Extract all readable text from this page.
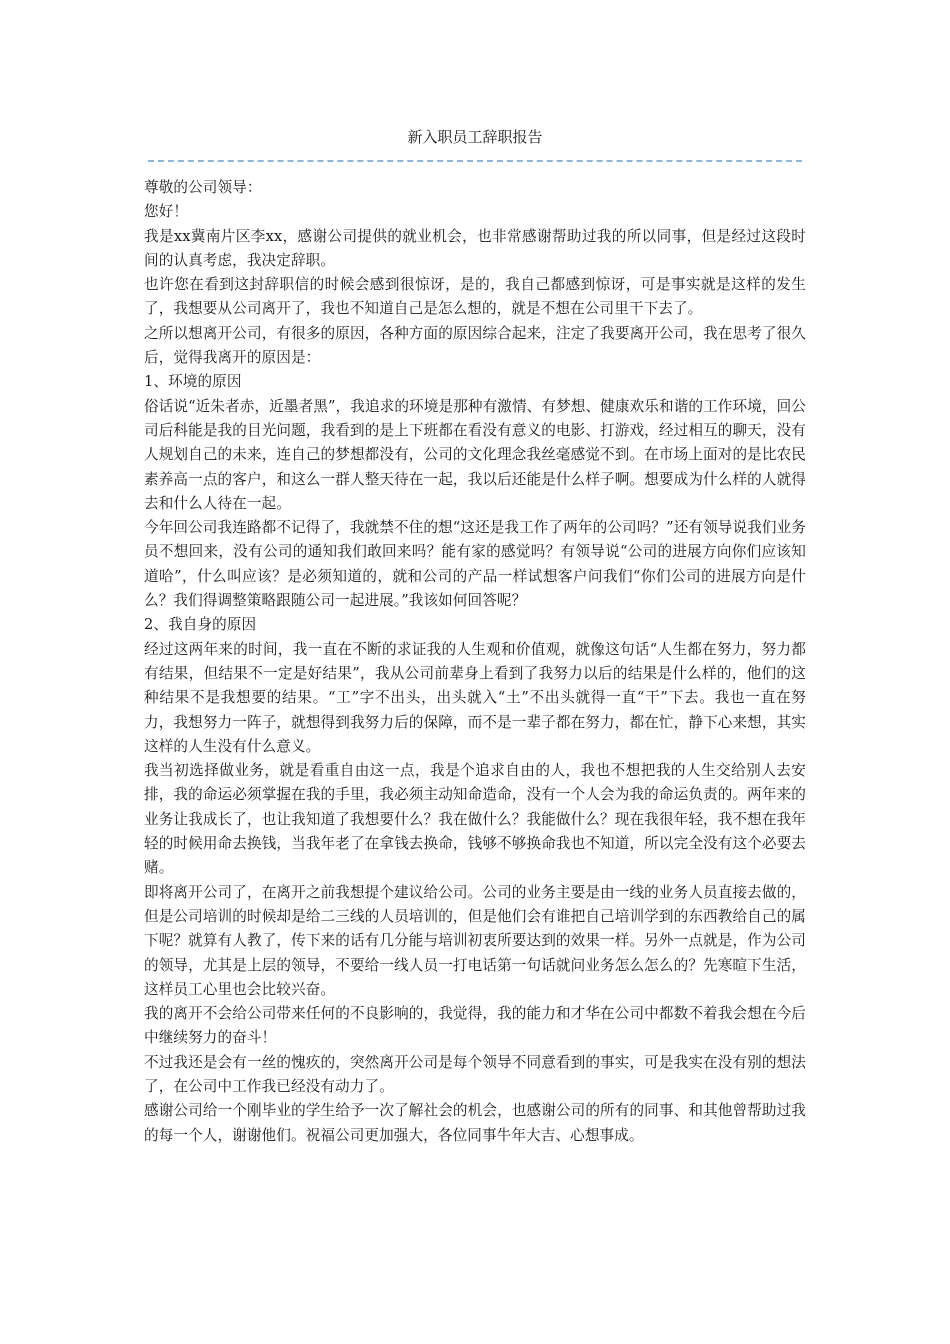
新入职员工辞职报告

尊敬的公司领导：

您好！

我是xx冀南片区李xx，感谢公司提供的就业机会，也非常感谢帮助过我的所以同事，但是经过这段时间的认真考虑，我决定辞职。

也许您在看到这封辞职信的时候会感到很惊讶，是的，我自己都感到惊讶，可是事实就是这样的发生了，我想要从公司离开了，我也不知道自己是怎么想的，就是不想在公司里干下去了。

之所以想离开公司，有很多的原因，各种方面的原因综合起来，注定了我要离开公司，我在思考了很久后，觉得我离开的原因是：

1、环境的原因

俗话说“近朱者赤，近墨者黑”，我追求的环境是那种有激情、有梦想、健康欢乐和谐的工作环境，回公司后科能是我的目光问题，我看到的是上下班都在看没有意义的电影、打游戏，经过相互的聊天，没有人规划自己的未来，连自己的梦想都没有，公司的文化理念我丝毫感觉不到。在市场上面对的是比农民素养高一点的客户，和这么一群人整天待在一起，我以后还能是什么样子啊。想要成为什么样的人就得去和什么人待在一起。

今年回公司我连路都不记得了，我就禁不住的想“这还是我工作了两年的公司吗？”还有领导说我们业务员不想回来，没有公司的通知我们敢回来吗？能有家的感觉吗？有领导说“公司的进展方向你们应该知道哈”，什么叫应该？是必须知道的，就和公司的产品一样试想客户问我们“你们公司的进展方向是什么？我们得调整策略跟随公司一起进展。”我该如何回答呢？

2、我自身的原因

经过这两年来的时间，我一直在不断的求证我的人生观和价值观，就像这句话“人生都在努力，努力都有结果，但结果不一定是好结果”，我从公司前辈身上看到了我努力以后的结果是什么样的，他们的这种结果不是我想要的结果。“工”字不出头，出头就入“土”不出头就得一直“干”下去。我也一直在努力，我想努力一阵子，就想得到我努力后的保障，而不是一辈子都在努力，都在忙，静下心来想，其实这样的人生没有什么意义。

我当初选择做业务，就是看重自由这一点，我是个追求自由的人，我也不想把我的人生交给别人去安排，我的命运必须掌握在我的手里，我必须主动知命造命，没有一个人会为我的命运负责的。两年来的业务让我成长了，也让我知道了我想要什么？我在做什么？我能做什么？现在我很年轻，我不想在我年轻的时候用命去换钱，当我年老了在拿钱去换命，钱够不够换命我也不知道，所以完全没有这个必要去赌。

即将离开公司了，在离开之前我想提个建议给公司。公司的业务主要是由一线的业务人员直接去做的，但是公司培训的时候却是给二三线的人员培训的，但是他们会有谁把自己培训学到的东西教给自己的属下呢？就算有人教了，传下来的话有几分能与培训初衷所要达到的效果一样。另外一点就是，作为公司的领导，尤其是上层的领导，不要给一线人员一打电话第一句话就问业务怎么怎么的？先寒暄下生活，这样员工心里也会比较兴奋。

我的离开不会给公司带来任何的不良影响的，我觉得，我的能力和才华在公司中都数不着我会想在今后中继续努力的奋斗！

不过我还是会有一丝的愧疚的，突然离开公司是每个领导不同意看到的事实，可是我实在没有别的想法了，在公司中工作我已经没有动力了。

感谢公司给一个刚毕业的学生给予一次了解社会的机会，也感谢公司的所有的同事、和其他曾帮助过我的每一个人，谢谢他们。祝福公司更加强大，各位同事牛年大吉、心想事成。
